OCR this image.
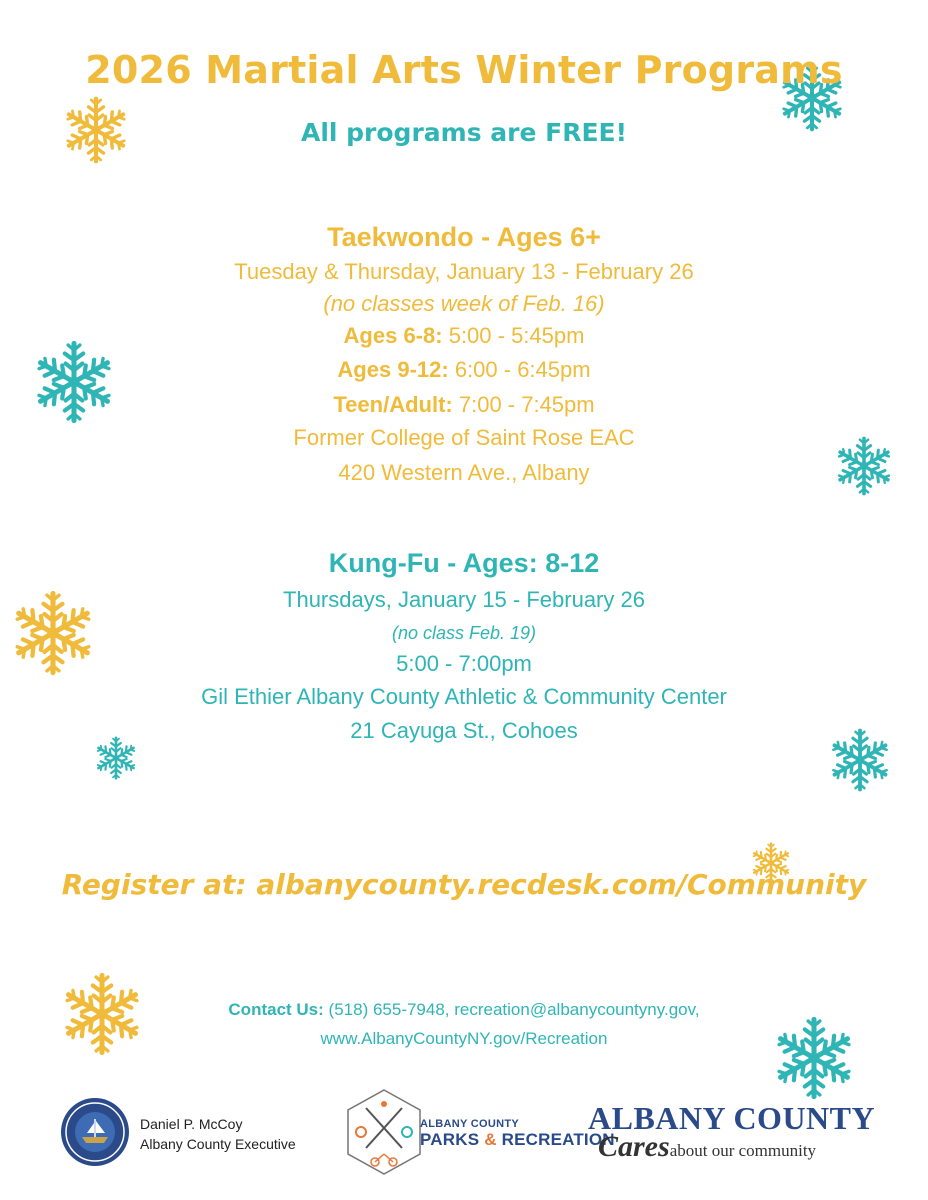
2026 Martial Arts Winter Programs
All programs are FREE!
Taekwondo - Ages 6+
Tuesday & Thursday, January 13 - February 26
(no classes week of Feb. 16)
Ages 6-8: 5:00 - 5:45pm
Ages 9-12: 6:00 - 6:45pm
Teen/Adult: 7:00 - 7:45pm
Former College of Saint Rose EAC
420 Western Ave., Albany
Kung-Fu - Ages: 8-12
Thursdays, January 15 - February 26
(no class Feb. 19)
5:00 - 7:00pm
Gil Ethier Albany County Athletic & Community Center
21 Cayuga St., Cohoes
Register at: albanycounty.recdesk.com/Community
Contact Us: (518) 655-7948, recreation@albanycountyny.gov,
www.AlbanyCountyNY.gov/Recreation
Daniel P. McCoy
Albany County Executive
ALBANY COUNTY
PARKS & RECREATION
ALBANY COUNTY
Caresabout our community
